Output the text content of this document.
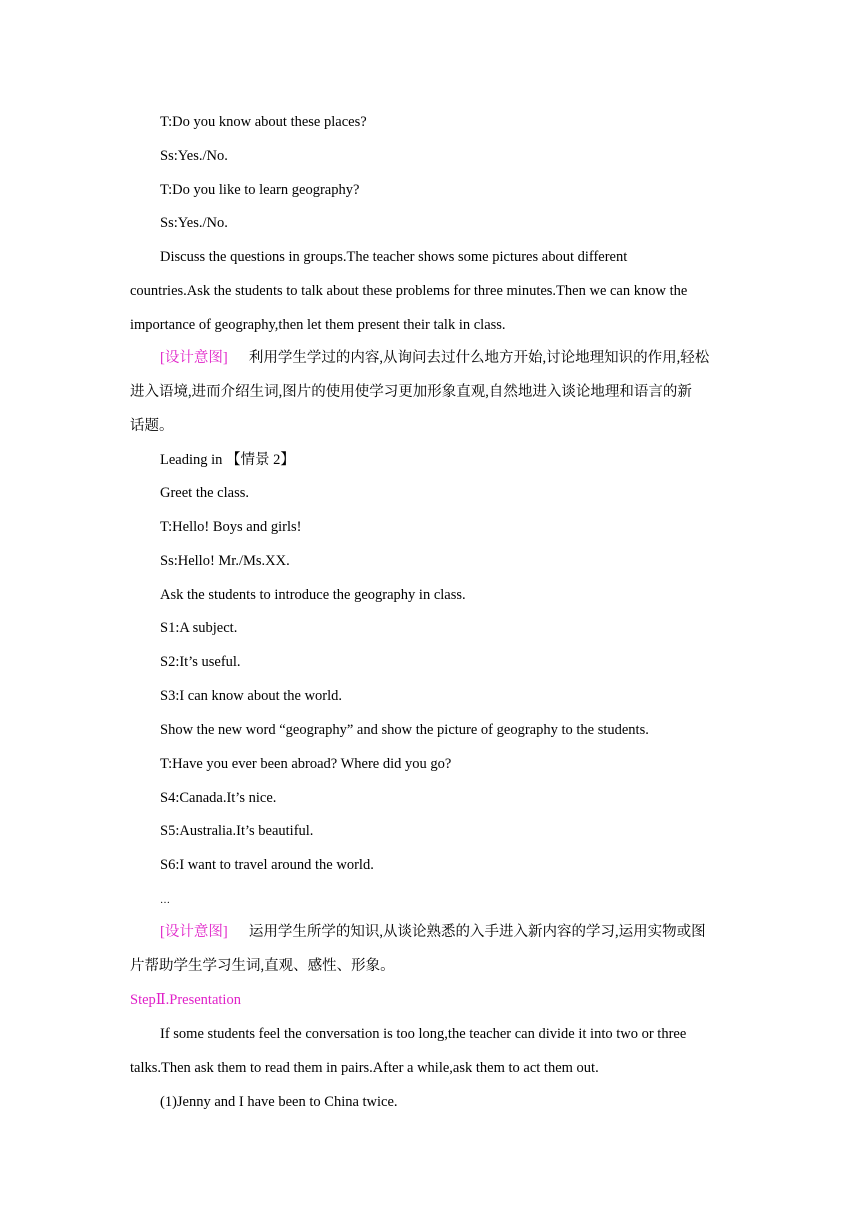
T:Do you know about these places?
Ss:Yes./No.
T:Do you like to learn geography?
Ss:Yes./No.
Discuss the questions in groups.The teacher shows some pictures about different
countries.Ask the students to talk about these problems for three minutes.Then we can know the
importance of geography,then let them present their talk in class.
[设计意图] 利用学生学过的内容,从询问去过什么地方开始,讨论地理知识的作用,轻松
进入语境,进而介绍生词,图片的使用使学习更加形象直观,自然地进入谈论地理和语言的新
话题。
Leading in 【情景 2】
Greet the class.
T:Hello! Boys and girls!
Ss:Hello! Mr./Ms.XX.
Ask the students to introduce the geography in class.
S1:A subject.
S2:It’s useful.
S3:I can know about the world.
Show the new word “geography” and show the picture of geography to the students.
T:Have you ever been abroad? Where did you go?
S4:Canada.It’s nice.
S5:Australia.It’s beautiful.
S6:I want to travel around the world.
…
[设计意图] 运用学生所学的知识,从谈论熟悉的入手进入新内容的学习,运用实物或图
片帮助学生学习生词,直观、感性、形象。
StepⅡ.Presentation
If some students feel the conversation is too long,the teacher can divide it into two or three
talks.Then ask them to read them in pairs.After a while,ask them to act them out.
(1)Jenny and I have been to China twice.
